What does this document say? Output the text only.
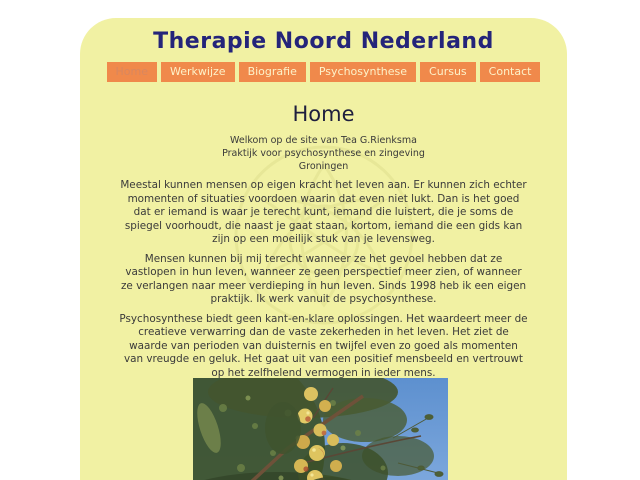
Therapie Noord Nederland
Home	Werkwijze	Biografie	Psychosynthese	Cursus	Contact
Home
Welkom op de site van Tea G.Rienksma
Praktijk voor psychosynthese en zingeving
Groningen

Meestal kunnen mensen op eigen kracht het leven aan. Er kunnen zich echter momenten of situaties voordoen waarin dat even niet lukt. Dan is het goed dat er iemand is waar je terecht kunt, iemand die luistert, die je soms de spiegel voorhoudt, die naast je gaat staan, kortom, iemand die een gids kan zijn op een moeilijk stuk van je levensweg.

Mensen kunnen bij mij terecht wanneer ze het gevoel hebben dat ze vastlopen in hun leven, wanneer ze geen perspectief meer zien, of wanneer ze verlangen naar meer verdieping in hun leven. Sinds 1998 heb ik een eigen praktijk. Ik werk vanuit de psychosynthese.

Psychosynthese biedt geen kant-en-klare oplossingen. Het waardeert meer de creatieve verwarring dan de vaste zekerheden in het leven. Het ziet de waarde van perioden van duisternis en twijfel even zo goed als momenten van vreugde en geluk. Het gaat uit van een positief mensbeeld en vertrouwt op het zelfhelend vermogen in ieder mens.
